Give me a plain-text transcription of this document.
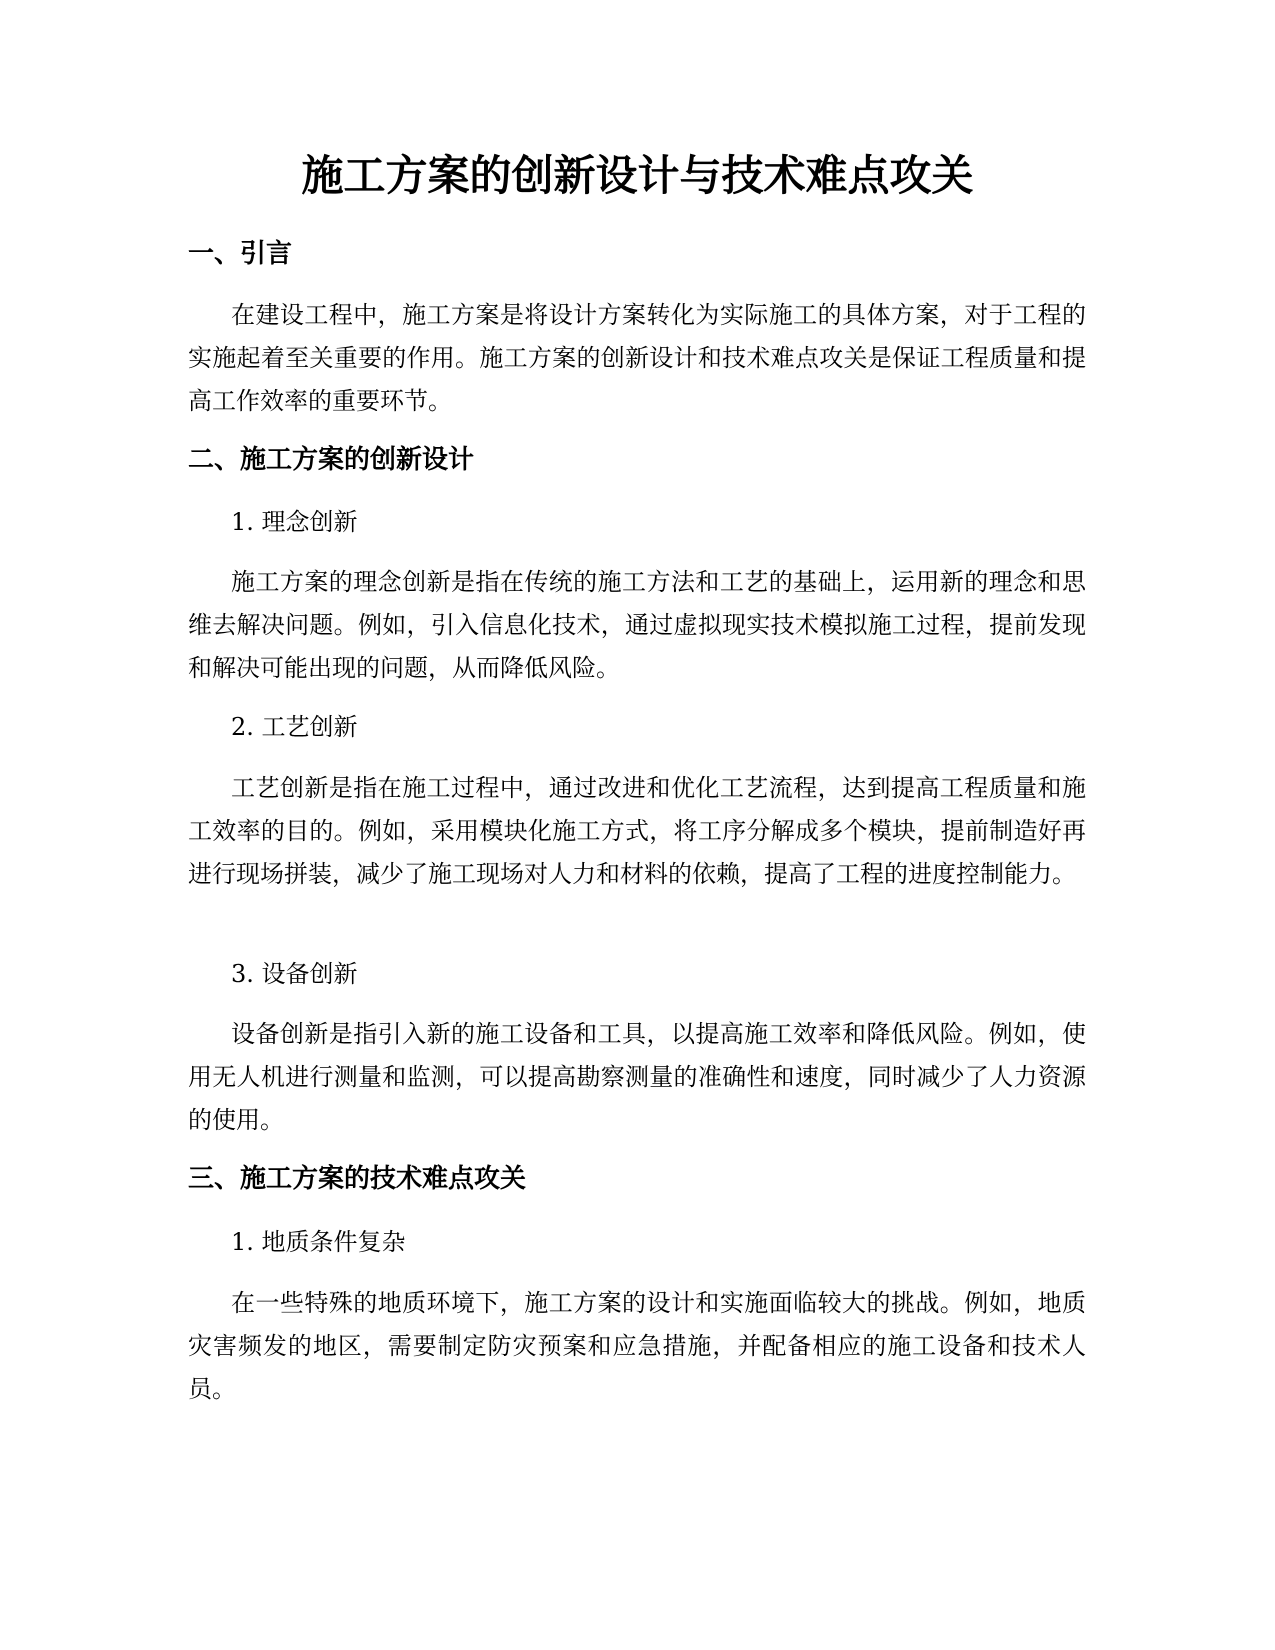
施工方案的创新设计与技术难点攻关
一、引言

在建设工程中，施工方案是将设计方案转化为实际施工的具体方案，对于工程的实施起着至关重要的作用。施工方案的创新设计和技术难点攻关是保证工程质量和提高工作效率的重要环节。

二、施工方案的创新设计

1. 理念创新

施工方案的理念创新是指在传统的施工方法和工艺的基础上，运用新的理念和思维去解决问题。例如，引入信息化技术，通过虚拟现实技术模拟施工过程，提前发现和解决可能出现的问题，从而降低风险。

2. 工艺创新

工艺创新是指在施工过程中，通过改进和优化工艺流程，达到提高工程质量和施工效率的目的。例如，采用模块化施工方式，将工序分解成多个模块，提前制造好再进行现场拼装，减少了施工现场对人力和材料的依赖，提高了工程的进度控制能力。

3. 设备创新

设备创新是指引入新的施工设备和工具，以提高施工效率和降低风险。例如，使用无人机进行测量和监测，可以提高勘察测量的准确性和速度，同时减少了人力资源的使用。

三、施工方案的技术难点攻关

1. 地质条件复杂

在一些特殊的地质环境下，施工方案的设计和实施面临较大的挑战。例如，地质灾害频发的地区，需要制定防灾预案和应急措施，并配备相应的施工设备和技术人员。
